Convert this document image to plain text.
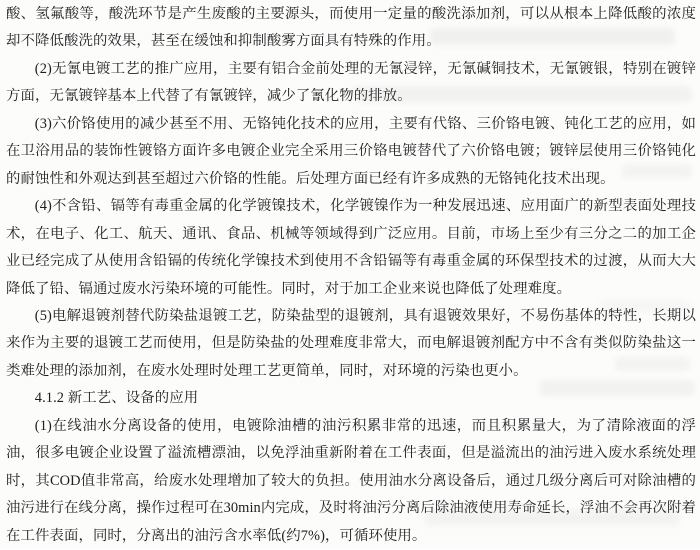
酸、氢氟酸等，酸洗环节是产生废酸的主要源头，而使用一定量的酸洗添加剂，可以从根本上降低酸的浓度却不降低酸洗的效果，甚至在缓蚀和抑制酸雾方面具有特殊的作用。

(2)无氰电镀工艺的推广应用，主要有铝合金前处理的无氰浸锌，无氰碱铜技术，无氰镀银，特别在镀锌方面，无氰镀锌基本上代替了有氰镀锌，减少了氰化物的排放。

(3)六价铬使用的减少甚至不用、无铬钝化技术的应用，主要有代铬、三价铬电镀、钝化工艺的应用，如在卫浴用品的装饰性镀铬方面许多电镀企业完全采用三价铬电镀替代了六价铬电镀；镀锌层使用三价铬钝化的耐蚀性和外观达到甚至超过六价铬的性能。后处理方面已经有许多成熟的无铬钝化技术出现。

(4)不含铅、镉等有毒重金属的化学镀镍技术，化学镀镍作为一种发展迅速、应用面广的新型表面处理技术，在电子、化工、航天、通讯、食品、机械等领域得到广泛应用。目前，市场上至少有三分之二的加工企业已经完成了从使用含铅镉的传统化学镍技术到使用不含铅镉等有毒重金属的环保型技术的过渡，从而大大降低了铅、镉通过废水污染环境的可能性。同时，对于加工企业来说也降低了处理难度。

(5)电解退镀剂替代防染盐退镀工艺，防染盐型的退镀剂，具有退镀效果好，不易伤基体的特性，长期以来作为主要的退镀工艺而使用，但是防染盐的处理难度非常大，而电解退镀剂配方中不含有类似防染盐这一类难处理的添加剂，在废水处理时处理工艺更简单，同时，对环境的污染也更小。

4.1.2 新工艺、设备的应用

(1)在线油水分离设备的使用，电镀除油槽的油污积累非常的迅速，而且积累量大，为了清除液面的浮油，很多电镀企业设置了溢流槽漂油，以免浮油重新附着在工件表面，但是溢流出的油污进入废水系统处理时，其COD值非常高，给废水处理增加了较大的负担。使用油水分离设备后，通过几级分离后可对除油槽的油污进行在线分离，操作过程可在30min内完成，及时将油污分离后除油液使用寿命延长，浮油不会再次附着在工件表面，同时，分离出的油污含水率低(约7%)，可循环使用。
